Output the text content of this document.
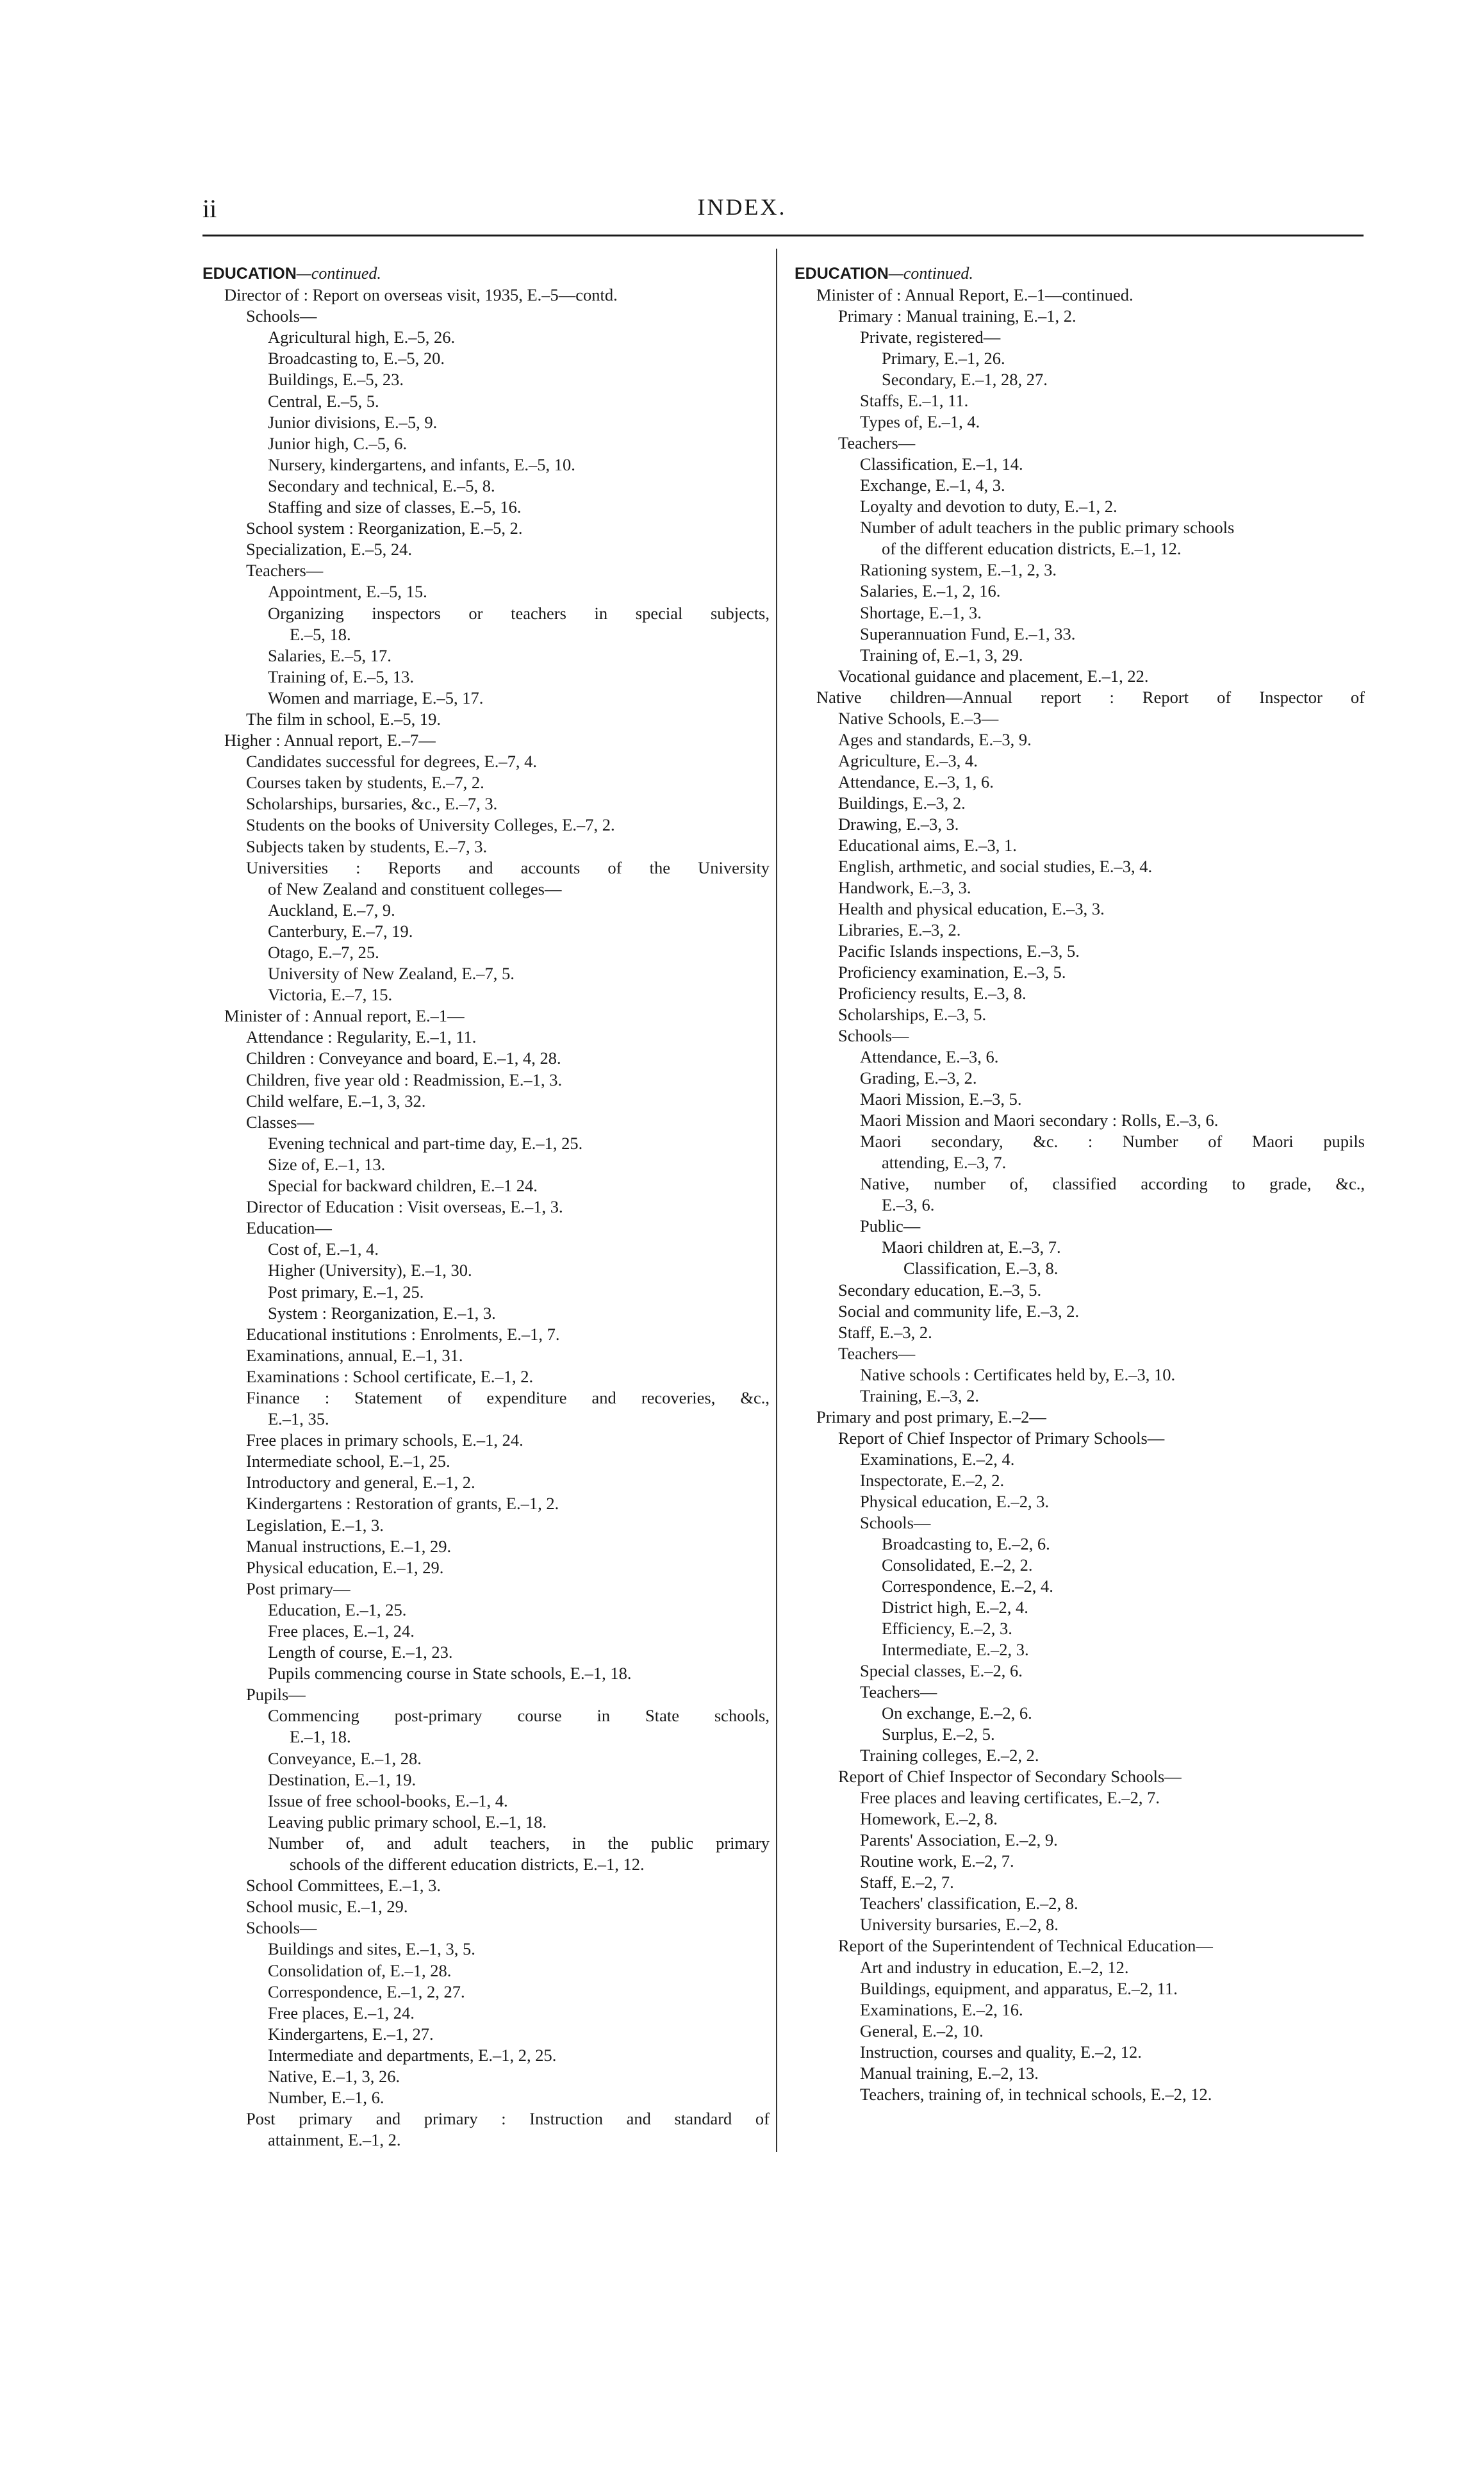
ii	INDEX.
EDUCATION—continued.
Director of : Report on overseas visit, 1935, E.–5—contd.
Schools—
Agricultural high, E.–5, 26.
Broadcasting to, E.–5, 20.
Buildings, E.–5, 23.
Central, E.–5, 5.
Junior divisions, E.–5, 9.
Junior high, C.–5, 6.
Nursery, kindergartens, and infants, E.–5, 10.
Secondary and technical, E.–5, 8.
Staffing and size of classes, E.–5, 16.
School system : Reorganization, E.–5, 2.
Specialization, E.–5, 24.
Teachers—
Appointment, E.–5, 15.
Organizing inspectors or teachers in special subjects,
E.–5, 18.
Salaries, E.–5, 17.
Training of, E.–5, 13.
Women and marriage, E.–5, 17.
The film in school, E.–5, 19.
Higher : Annual report, E.–7—
Candidates successful for degrees, E.–7, 4.
Courses taken by students, E.–7, 2.
Scholarships, bursaries, &c., E.–7, 3.
Students on the books of University Colleges, E.–7, 2.
Subjects taken by students, E.–7, 3.
Universities : Reports and accounts of the University
of New Zealand and constituent colleges—
Auckland, E.–7, 9.
Canterbury, E.–7, 19.
Otago, E.–7, 25.
University of New Zealand, E.–7, 5.
Victoria, E.–7, 15.
Minister of : Annual report, E.–1—
Attendance : Regularity, E.–1, 11.
Children : Conveyance and board, E.–1, 4, 28.
Children, five year old : Readmission, E.–1, 3.
Child welfare, E.–1, 3, 32.
Classes—
Evening technical and part-time day, E.–1, 25.
Size of, E.–1, 13.
Special for backward children, E.–1 24.
Director of Education : Visit overseas, E.–1, 3.
Education—
Cost of, E.–1, 4.
Higher (University), E.–1, 30.
Post primary, E.–1, 25.
System : Reorganization, E.–1, 3.
Educational institutions : Enrolments, E.–1, 7.
Examinations, annual, E.–1, 31.
Examinations : School certificate, E.–1, 2.
Finance : Statement of expenditure and recoveries, &c.,
E.–1, 35.
Free places in primary schools, E.–1, 24.
Intermediate school, E.–1, 25.
Introductory and general, E.–1, 2.
Kindergartens : Restoration of grants, E.–1, 2.
Legislation, E.–1, 3.
Manual instructions, E.–1, 29.
Physical education, E.–1, 29.
Post primary—
Education, E.–1, 25.
Free places, E.–1, 24.
Length of course, E.–1, 23.
Pupils commencing course in State schools, E.–1, 18.
Pupils—
Commencing post-primary course in State schools,
E.–1, 18.
Conveyance, E.–1, 28.
Destination, E.–1, 19.
Issue of free school-books, E.–1, 4.
Leaving public primary school, E.–1, 18.
Number of, and adult teachers, in the public primary
schools of the different education districts, E.–1, 12.
School Committees, E.–1, 3.
School music, E.–1, 29.
Schools—
Buildings and sites, E.–1, 3, 5.
Consolidation of, E.–1, 28.
Correspondence, E.–1, 2, 27.
Free places, E.–1, 24.
Kindergartens, E.–1, 27.
Intermediate and departments, E.–1, 2, 25.
Native, E.–1, 3, 26.
Number, E.–1, 6.
Post primary and primary : Instruction and standard of
attainment, E.–1, 2.
EDUCATION—continued.
Minister of : Annual Report, E.–1—continued.
Primary : Manual training, E.–1, 2.
Private, registered—
Primary, E.–1, 26.
Secondary, E.–1, 28, 27.
Staffs, E.–1, 11.
Types of, E.–1, 4.
Teachers—
Classification, E.–1, 14.
Exchange, E.–1, 4, 3.
Loyalty and devotion to duty, E.–1, 2.
Number of adult teachers in the public primary schools
of the different education districts, E.–1, 12.
Rationing system, E.–1, 2, 3.
Salaries, E.–1, 2, 16.
Shortage, E.–1, 3.
Superannuation Fund, E.–1, 33.
Training of, E.–1, 3, 29.
Vocational guidance and placement, E.–1, 22.
Native children—Annual report : Report of Inspector of
Native Schools, E.–3—
Ages and standards, E.–3, 9.
Agriculture, E.–3, 4.
Attendance, E.–3, 1, 6.
Buildings, E.–3, 2.
Drawing, E.–3, 3.
Educational aims, E.–3, 1.
English, arthmetic, and social studies, E.–3, 4.
Handwork, E.–3, 3.
Health and physical education, E.–3, 3.
Libraries, E.–3, 2.
Pacific Islands inspections, E.–3, 5.
Proficiency examination, E.–3, 5.
Proficiency results, E.–3, 8.
Scholarships, E.–3, 5.
Schools—
Attendance, E.–3, 6.
Grading, E.–3, 2.
Maori Mission, E.–3, 5.
Maori Mission and Maori secondary : Rolls, E.–3, 6.
Maori secondary, &c. : Number of Maori pupils
attending, E.–3, 7.
Native, number of, classified according to grade, &c.,
E.–3, 6.
Public—
Maori children at, E.–3, 7.
Classification, E.–3, 8.
Secondary education, E.–3, 5.
Social and community life, E.–3, 2.
Staff, E.–3, 2.
Teachers—
Native schools : Certificates held by, E.–3, 10.
Training, E.–3, 2.
Primary and post primary, E.–2—
Report of Chief Inspector of Primary Schools—
Examinations, E.–2, 4.
Inspectorate, E.–2, 2.
Physical education, E.–2, 3.
Schools—
Broadcasting to, E.–2, 6.
Consolidated, E.–2, 2.
Correspondence, E.–2, 4.
District high, E.–2, 4.
Efficiency, E.–2, 3.
Intermediate, E.–2, 3.
Special classes, E.–2, 6.
Teachers—
On exchange, E.–2, 6.
Surplus, E.–2, 5.
Training colleges, E.–2, 2.
Report of Chief Inspector of Secondary Schools—
Free places and leaving certificates, E.–2, 7.
Homework, E.–2, 8.
Parents' Association, E.–2, 9.
Routine work, E.–2, 7.
Staff, E.–2, 7.
Teachers' classification, E.–2, 8.
University bursaries, E.–2, 8.
Report of the Superintendent of Technical Education—
Art and industry in education, E.–2, 12.
Buildings, equipment, and apparatus, E.–2, 11.
Examinations, E.–2, 16.
General, E.–2, 10.
Instruction, courses and quality, E.–2, 12.
Manual training, E.–2, 13.
Teachers, training of, in technical schools, E.–2, 12.
